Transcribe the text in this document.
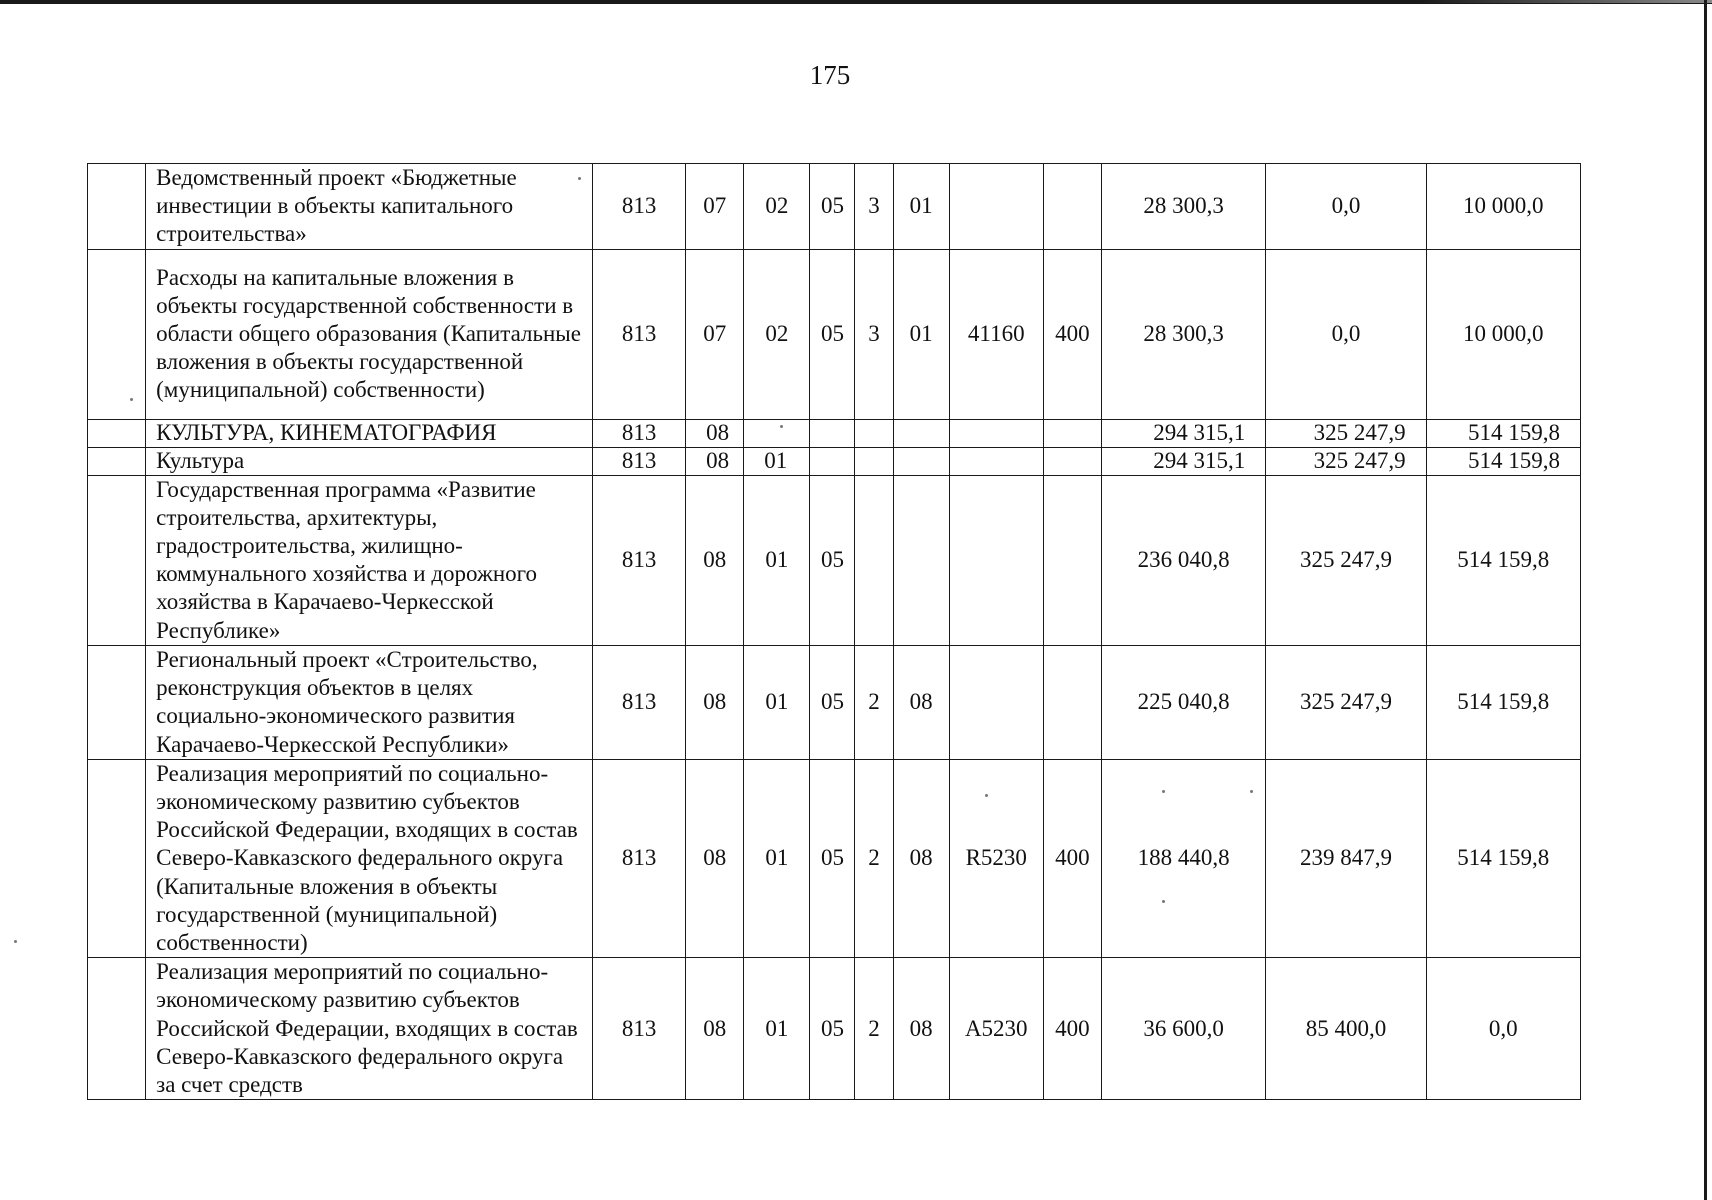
175
	Ведомственный проект «Бюджетные инвестиции в объекты капитального строительства»	813	07	02	05	3	01			28 300,3	0,0	10 000,0
	Расходы на капитальные вложения в объекты государственной собственности в области общего образования (Капитальные вложения в объекты государственной (муниципальной) собственности)	813	07	02	05	3	01	41160	400	28 300,3	0,0	10 000,0
	КУЛЬТУРА, КИНЕМАТОГРАФИЯ	813	08							294 315,1	325 247,9	514 159,8
	Культура	813	08	01						294 315,1	325 247,9	514 159,8
	Государственная программа «Развитие строительства, архитектуры, градостроительства, жилищно-коммунального хозяйства и дорожного хозяйства в Карачаево-Черкесской Республике»	813	08	01	05					236 040,8	325 247,9	514 159,8
	Региональный проект «Строительство, реконструкция объектов в целях социально-экономического развития Карачаево-Черкесской Республики»	813	08	01	05	2	08			225 040,8	325 247,9	514 159,8
	Реализация мероприятий по социально-экономическому развитию субъектов Российской Федерации, входящих в состав Северо-Кавказского федерального округа (Капитальные вложения в объекты государственной (муниципальной) собственности)	813	08	01	05	2	08	R5230	400	188 440,8	239 847,9	514 159,8
	Реализация мероприятий по социально-экономическому развитию субъектов Российской Федерации, входящих в состав Северо-Кавказского федерального округа за счет средств	813	08	01	05	2	08	A5230	400	36 600,0	85 400,0	0,0
